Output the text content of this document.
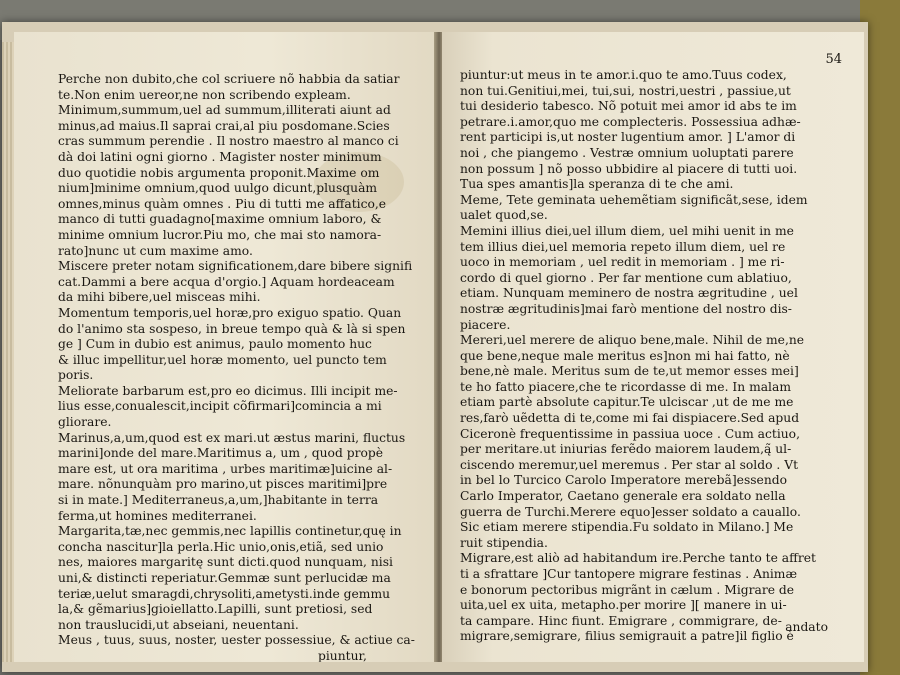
Perche non dubito,che col scriuere nõ habbia da satiar
te.Non enim uereor,ne non scribendo expleam.
Minimum,summum,uel ad summum,illiterati aiunt ad
minus,ad maius.Il saprai crai,al piu posdomane.Scies
cras summum perendie . Il nostro maestro al manco ci
dà doi latini ogni giorno . Magister noster minimum
duo quotidie nobis argumenta proponit.Maxime om
nium]minime omnium,quod uulgo dicunt,plusquàm
omnes,minus quàm omnes . Piu di tutti me affatico,e
manco di tutti guadagno[maxime omnium laboro, &
minime omnium lucror.Piu mo, che mai sto namora-
rato]nunc ut cum maxime amo.
Miscere preter notam significationem,dare bibere signifi
cat.Dammi a bere acqua d'orgio.] Aquam hordeaceam
da mihi bibere,uel misceas mihi.
Momentum temporis,uel horæ,pro exiguo spatio. Quan
do l'animo sta sospeso, in breue tempo quà & là si spen
ge ] Cum in dubio est animus, paulo momento huc
& illuc impellitur,uel horæ momento, uel puncto tem
poris.
Meliorate barbarum est,pro eo dicimus. Illi incipit me-
lius esse,conualescit,incipit cõfirmari]comincia a mi
gliorare.
Marinus,a,um,quod est ex mari.ut æstus marini, fluctus
marini]onde del mare.Maritimus a, um , quod propè
mare est, ut ora maritima , urbes maritimæ]uicine al-
mare. nõnunquàm pro marino,ut pisces maritimi]pre
si in mate.] Mediterraneus,a,um,]habitante in terra
ferma,ut homines mediterranei.
Margarita,tæ,nec gemmis,nec lapillis continetur,quę in
concha nascitur]la perla.Hic unio,onis,etiã, sed unio
nes, maiores margaritę sunt dicti.quod nunquam, nisi
uni,& distincti reperiatur.Gemmæ sunt perlucidæ ma
teriæ,uelut smaragdi,chrysoliti,ametysti.inde gemmu
la,& gẽmarius]gioiellatto.Lapilli, sunt pretiosi, sed
non trauslucidi,ut abseiani, neuentani.
Meus , tuus, suus, noster, uester possessiue, & actiue ca-
piuntur,
54
piuntur:ut meus in te amor.i.quo te amo.Tuus codex,
non tui.Genitiui,mei, tui,sui, nostri,uestri , passiue,ut
tui desiderio tabesco. Nõ potuit mei amor id abs te im
petrare.i.amor,quo me complecteris. Possessiua adhæ-
rent participi is,ut noster lugentium amor. ] L'amor di
noi , che piangemo . Vestræ omnium uoluptati parere
non possum ] nõ posso ubbidire al piacere di tutti uoi.
Tua spes amantis]la speranza di te che ami.
Meme, Tete geminata uehemẽtiam significãt,sese, idem
ualet quod,se.
Memini illius diei,uel illum diem, uel mihi uenit in me
tem illius diei,uel memoria repeto illum diem, uel re
uoco in memoriam , uel redit in memoriam . ] me ri-
cordo di quel giorno . Per far mentione cum ablatiuo,
etiam. Nunquam meminero de nostra ægritudine , uel
nostræ ægritudinis]mai farò mentione del nostro dis-
piacere.
Mereri,uel merere de aliquo bene,male. Nihil de me,ne
que bene,neque male meritus es]non mi hai fatto, nè
bene,nè male. Meritus sum de te,ut memor esses mei]
te ho fatto piacere,che te ricordasse di me. In malam
etiam partè absolute capitur.Te ulciscar ,ut de me me
res,farò uẽdetta di te,come mi fai dispiacere.Sed apud
Ciceronè frequentissime in passiua uoce . Cum actiuo,
per meritare.ut iniurias ferẽdo maiorem laudem,ą̃ ul-
ciscendo meremur,uel meremus . Per star al soldo . Vt
in bel lo Turcico Carolo Imperatore merebã]essendo
Carlo Imperator, Caetano generale era soldato nella
guerra de Turchi.Merere equo]esser soldato a cauallo.
Sic etiam merere stipendia.Fu soldato in Milano.] Me
ruit stipendia.
Migrare,est aliò ad habitandum ire.Perche tanto te affret
ti a sfrattare ]Cur tantopere migrare festinas . Animæ
e bonorum pectoribus migrãnt in cælum . Migrare de
uita,uel ex uita, metapho.per morire ][ manere in ui-
ta campare. Hinc fiunt. Emigrare , commigrare, de-
migrare,semigrare, filius semigrauit a patre]il figlio è
andato
